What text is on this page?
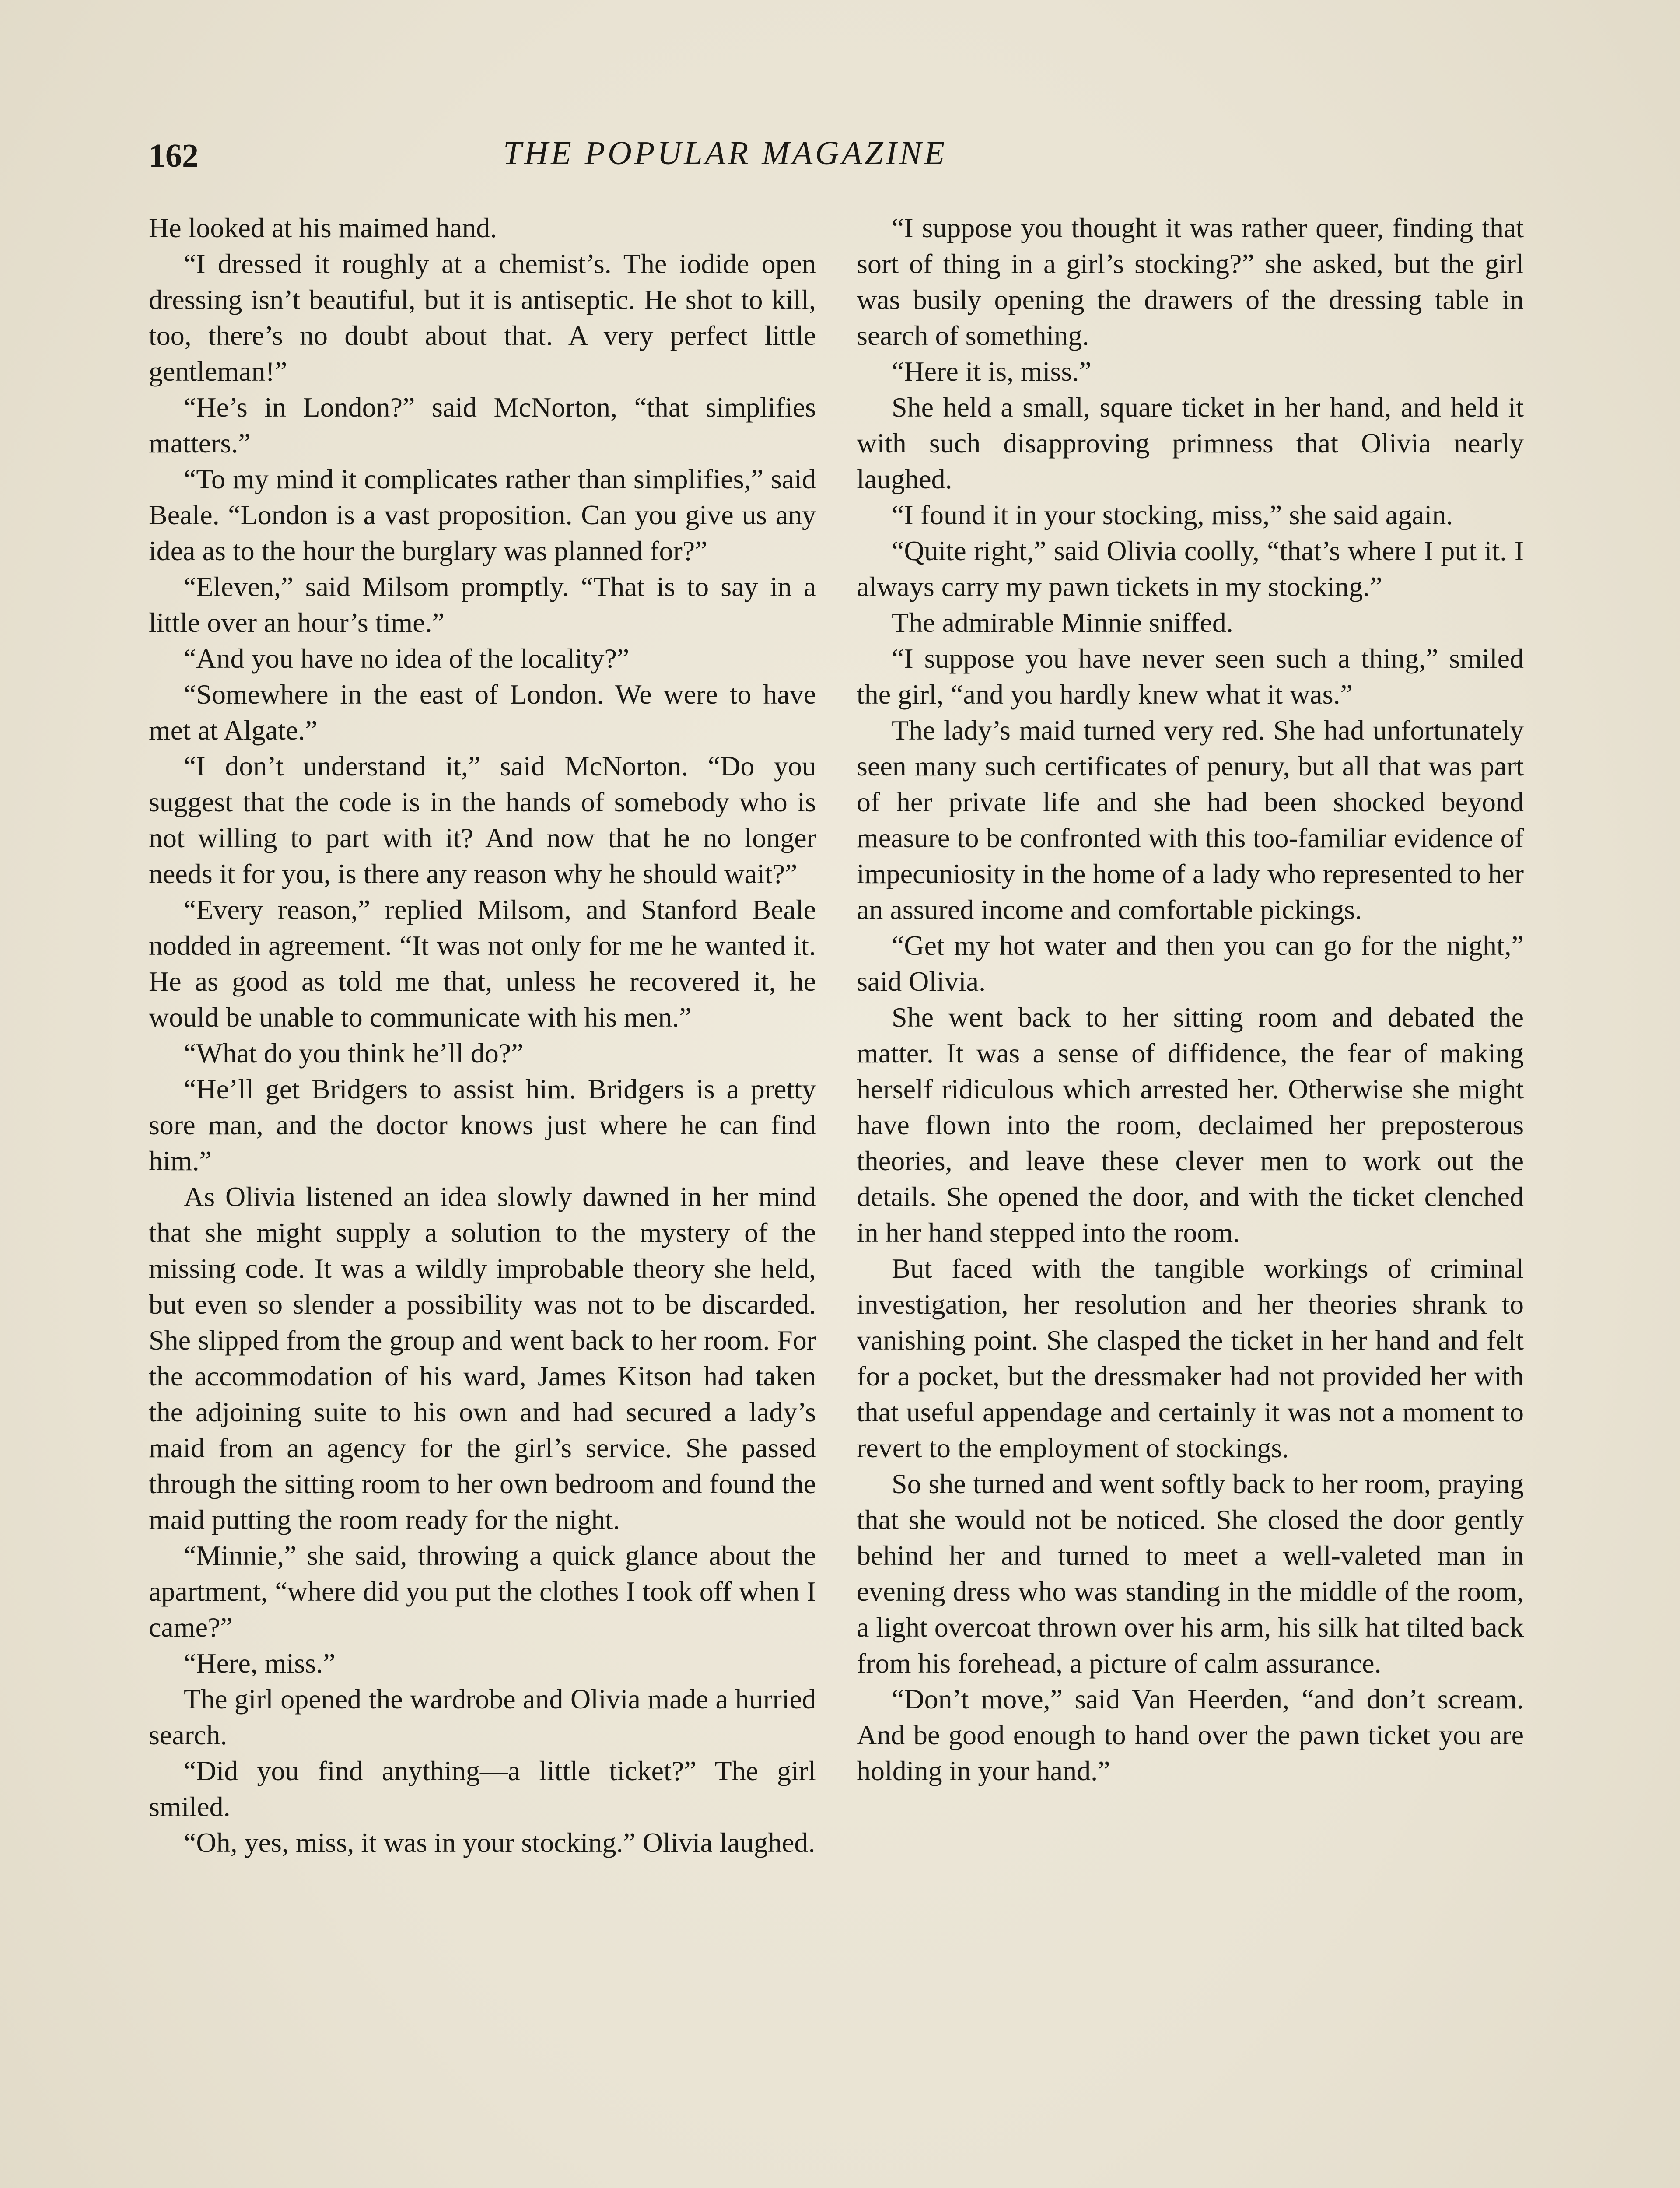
162	THE POPULAR MAGAZINE

He looked at his maimed hand.

“I dressed it roughly at a chemist’s. The iodide open dressing isn’t beautiful, but it is antiseptic. He shot to kill, too, there’s no doubt about that. A very perfect little gentleman!”

“He’s in London?” said McNorton, “that simplifies matters.”

“To my mind it complicates rather than simplifies,” said Beale. “London is a vast proposition. Can you give us any idea as to the hour the burglary was planned for?”

“Eleven,” said Milsom promptly. “That is to say in a little over an hour’s time.”

“And you have no idea of the locality?”

“Somewhere in the east of London. We were to have met at Algate.”

“I don’t understand it,” said McNorton. “Do you suggest that the code is in the hands of somebody who is not willing to part with it? And now that he no longer needs it for you, is there any reason why he should wait?”

“Every reason,” replied Milsom, and Stanford Beale nodded in agreement. “It was not only for me he wanted it. He as good as told me that, unless he recovered it, he would be unable to communicate with his men.”

“What do you think he’ll do?”

“He’ll get Bridgers to assist him. Bridgers is a pretty sore man, and the doctor knows just where he can find him.”

As Olivia listened an idea slowly dawned in her mind that she might supply a solution to the mystery of the missing code. It was a wildly improbable theory she held, but even so slender a possibility was not to be discarded. She slipped from the group and went back to her room. For the accommodation of his ward, James Kitson had taken the adjoining suite to his own and had secured a lady’s maid from an agency for the girl’s service. She passed through the sitting room to her own bedroom and found the maid putting the room ready for the night.

“Minnie,” she said, throwing a quick glance about the apartment, “where did you put the clothes I took off when I came?”

“Here, miss.”

The girl opened the wardrobe and Olivia made a hurried search.

“Did you find anything—a little ticket?” The girl smiled.

“Oh, yes, miss, it was in your stocking.” Olivia laughed.

“I suppose you thought it was rather queer, finding that sort of thing in a girl’s stocking?” she asked, but the girl was busily opening the drawers of the dressing table in search of something.

“Here it is, miss.”

She held a small, square ticket in her hand, and held it with such disapproving primness that Olivia nearly laughed.

“I found it in your stocking, miss,” she said again.

“Quite right,” said Olivia coolly, “that’s where I put it. I always carry my pawn tickets in my stocking.”

The admirable Minnie sniffed.

“I suppose you have never seen such a thing,” smiled the girl, “and you hardly knew what it was.”

The lady’s maid turned very red. She had unfortunately seen many such certificates of penury, but all that was part of her private life and she had been shocked beyond measure to be confronted with this too-familiar evidence of impecuniosity in the home of a lady who represented to her an assured income and comfortable pickings.

“Get my hot water and then you can go for the night,” said Olivia.

She went back to her sitting room and debated the matter. It was a sense of diffidence, the fear of making herself ridiculous which arrested her. Otherwise she might have flown into the room, declaimed her preposterous theories, and leave these clever men to work out the details. She opened the door, and with the ticket clenched in her hand stepped into the room.

But faced with the tangible workings of criminal investigation, her resolution and her theories shrank to vanishing point. She clasped the ticket in her hand and felt for a pocket, but the dressmaker had not provided her with that useful appendage and certainly it was not a moment to revert to the employment of stockings.

So she turned and went softly back to her room, praying that she would not be noticed. She closed the door gently behind her and turned to meet a well-valeted man in evening dress who was standing in the middle of the room, a light overcoat thrown over his arm, his silk hat tilted back from his forehead, a picture of calm assurance.

“Don’t move,” said Van Heerden, “and don’t scream. And be good enough to hand over the pawn ticket you are holding in your hand.”
